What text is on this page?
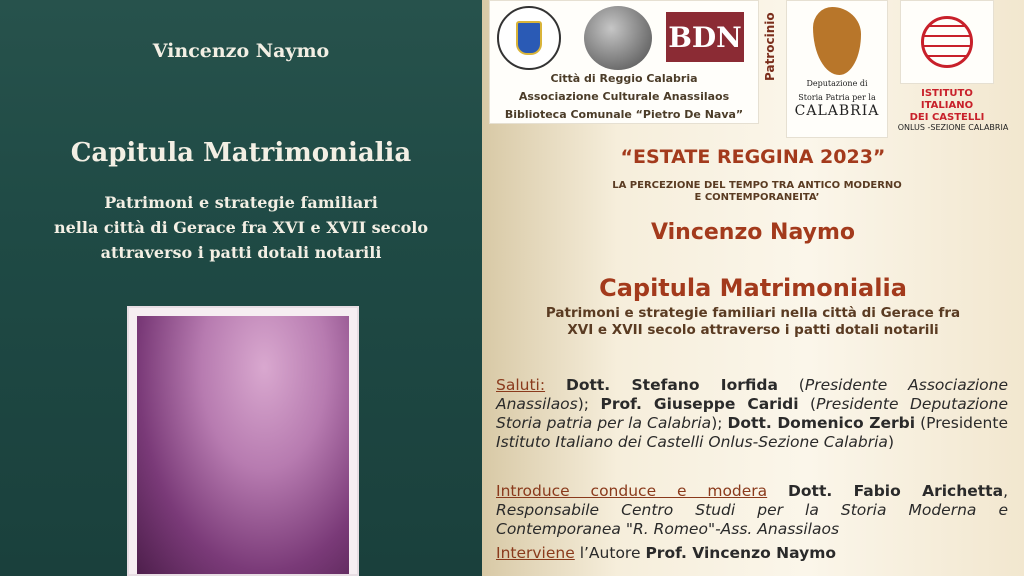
Vincenzo Naymo
Capitula Matrimonialia
Patrimoni e strategie familiari
nella città di Gerace fra XVI e XVII secolo
attraverso i patti dotali notarili
BDN
Città di Reggio Calabria
Associazione Culturale Anassilaos
Biblioteca Comunale “Pietro De Nava”
Patrocinio
Deputazione di
Storia Patria per la
CALABRIA
ISTITUTO ITALIANO
DEI CASTELLI
ONLUS -SEZIONE CALABRIA
“ESTATE REGGINA 2023”
LA PERCEZIONE DEL TEMPO TRA ANTICO MODERNO
E CONTEMPORANEITA’
Vincenzo Naymo
Capitula Matrimonialia
Patrimoni e strategie familiari nella città di Gerace fra
XVI e XVII secolo attraverso i patti dotali notarili

Saluti: Dott. Stefano Iorfida (Presidente Associazione Anassilaos); Prof. Giuseppe Caridi (Presidente Deputazione Storia patria per la Calabria); Dott. Domenico Zerbi (Presidente Istituto Italiano dei Castelli Onlus-Sezione Calabria)

Introduce conduce e modera Dott. Fabio Arichetta, Responsabile Centro Studi per la Storia Moderna e Contemporanea "R. Romeo"-Ass. Anassilaos

Interviene l’Autore Prof. Vincenzo Naymo
